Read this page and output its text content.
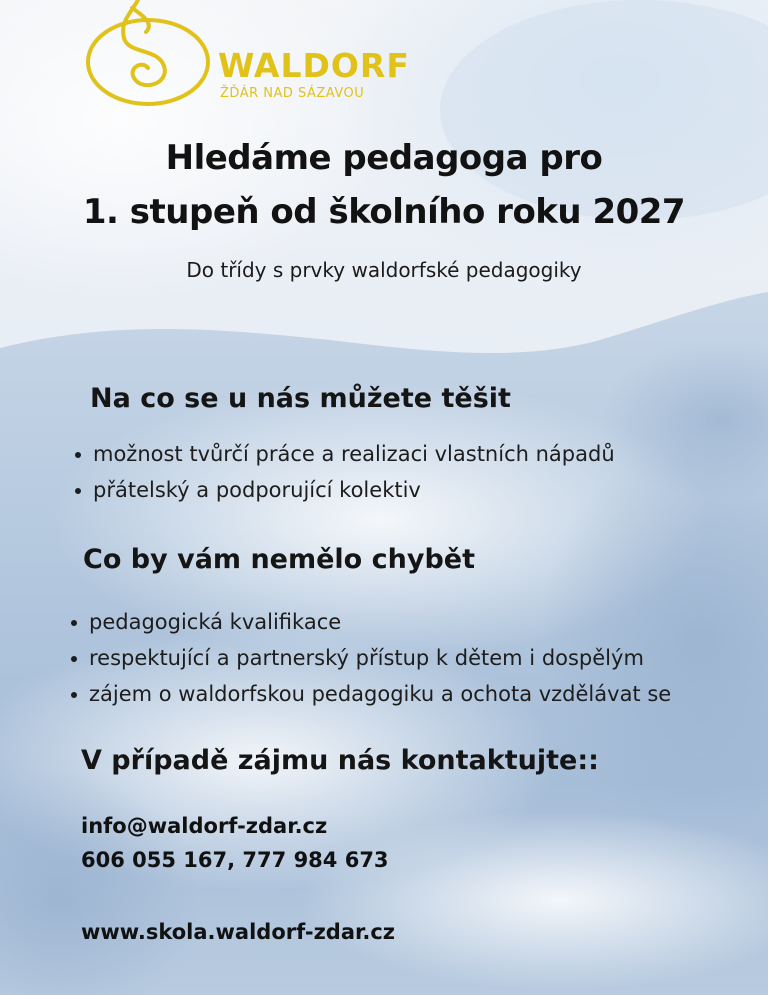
WALDORF
ŽĎÁR NAD SÁZAVOU
Hledáme pedagoga pro
1. stupeň od školního roku 2027
Do třídy s prvky waldorfské pedagogiky
Na co se u nás můžete těšit
možnost tvůrčí práce a realizaci vlastních nápadů
přátelský a podporující kolektiv
Co by vám nemělo chybět
pedagogická kvalifikace
respektující a partnerský přístup k dětem i dospělým
zájem o waldorfskou pedagogiku a ochota vzdělávat se
V případě zájmu nás kontaktujte::
info@waldorf-zdar.cz
606 055 167, 777 984 673
www.skola.waldorf-zdar.cz
